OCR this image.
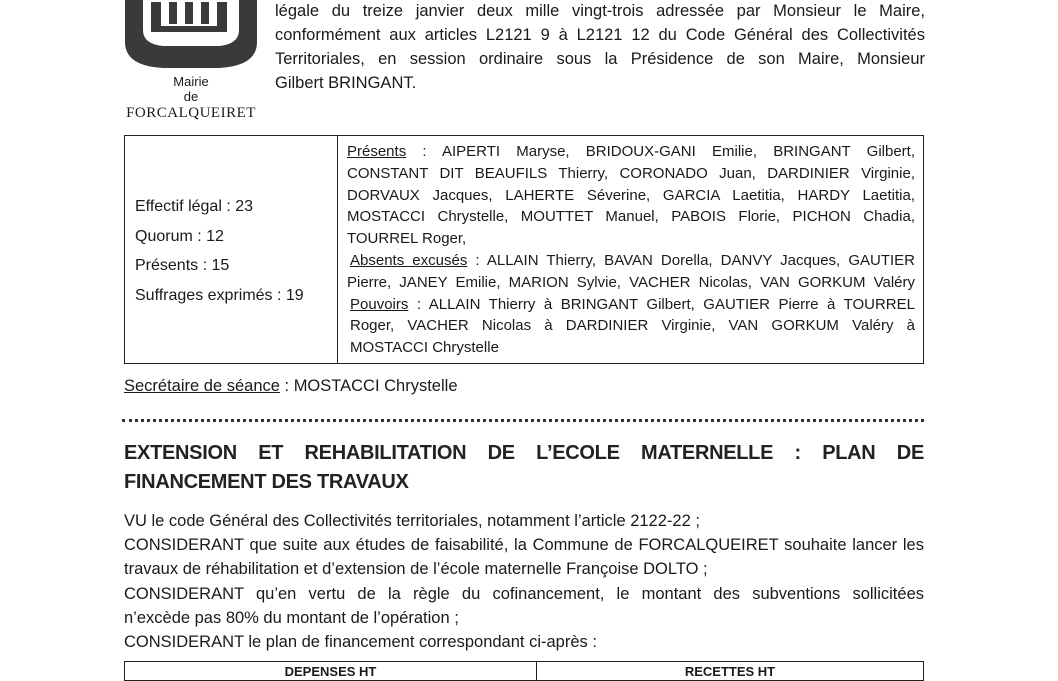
Mairie
de
FORCALQUEIRET
légale du treize janvier deux mille vingt-trois adressée par Monsieur le Maire,
conformément aux articles L2121 9 à L2121 12 du Code Général des Collectivités
Territoriales, en session ordinaire sous la Présidence de son Maire, Monsieur
Gilbert BRINGANT.
Effectif légal : 23
Quorum : 12
Présents : 15
Suffrages exprimés : 19
Présents : AIPERTI Maryse, BRIDOUX-GANI Emilie, BRINGANT Gilbert,
CONSTANT DIT BEAUFILS Thierry, CORONADO Juan, DARDINIER Virginie,
DORVAUX Jacques, LAHERTE Séverine, GARCIA Laetitia, HARDY Laetitia,
MOSTACCI Chrystelle, MOUTTET Manuel, PABOIS Florie, PICHON Chadia,
TOURREL Roger,
Absents excusés : ALLAIN Thierry, BAVAN Dorella, DANVY Jacques, GAUTIER
Pierre, JANEY Emilie, MARION Sylvie, VACHER Nicolas, VAN GORKUM Valéry
Pouvoirs : ALLAIN Thierry à BRINGANT Gilbert, GAUTIER Pierre à TOURREL
Roger, VACHER Nicolas à DARDINIER Virginie, VAN GORKUM Valéry à
MOSTACCI Chrystelle
Secrétaire de séance : MOSTACCI Chrystelle
EXTENSION ET REHABILITATION DE L’ECOLE MATERNELLE : PLAN DE
FINANCEMENT DES TRAVAUX
VU le code Général des Collectivités territoriales, notamment l’article 2122-22 ;
CONSIDERANT que suite aux études de faisabilité, la Commune de FORCALQUEIRET souhaite lancer les
travaux de réhabilitation et d’extension de l’école maternelle Françoise DOLTO ;
CONSIDERANT qu’en vertu de la règle du cofinancement, le montant des subventions sollicitées
n’excède pas 80% du montant de l’opération ;
CONSIDERANT le plan de financement correspondant ci-après :
DEPENSES HT	RECETTES HT
